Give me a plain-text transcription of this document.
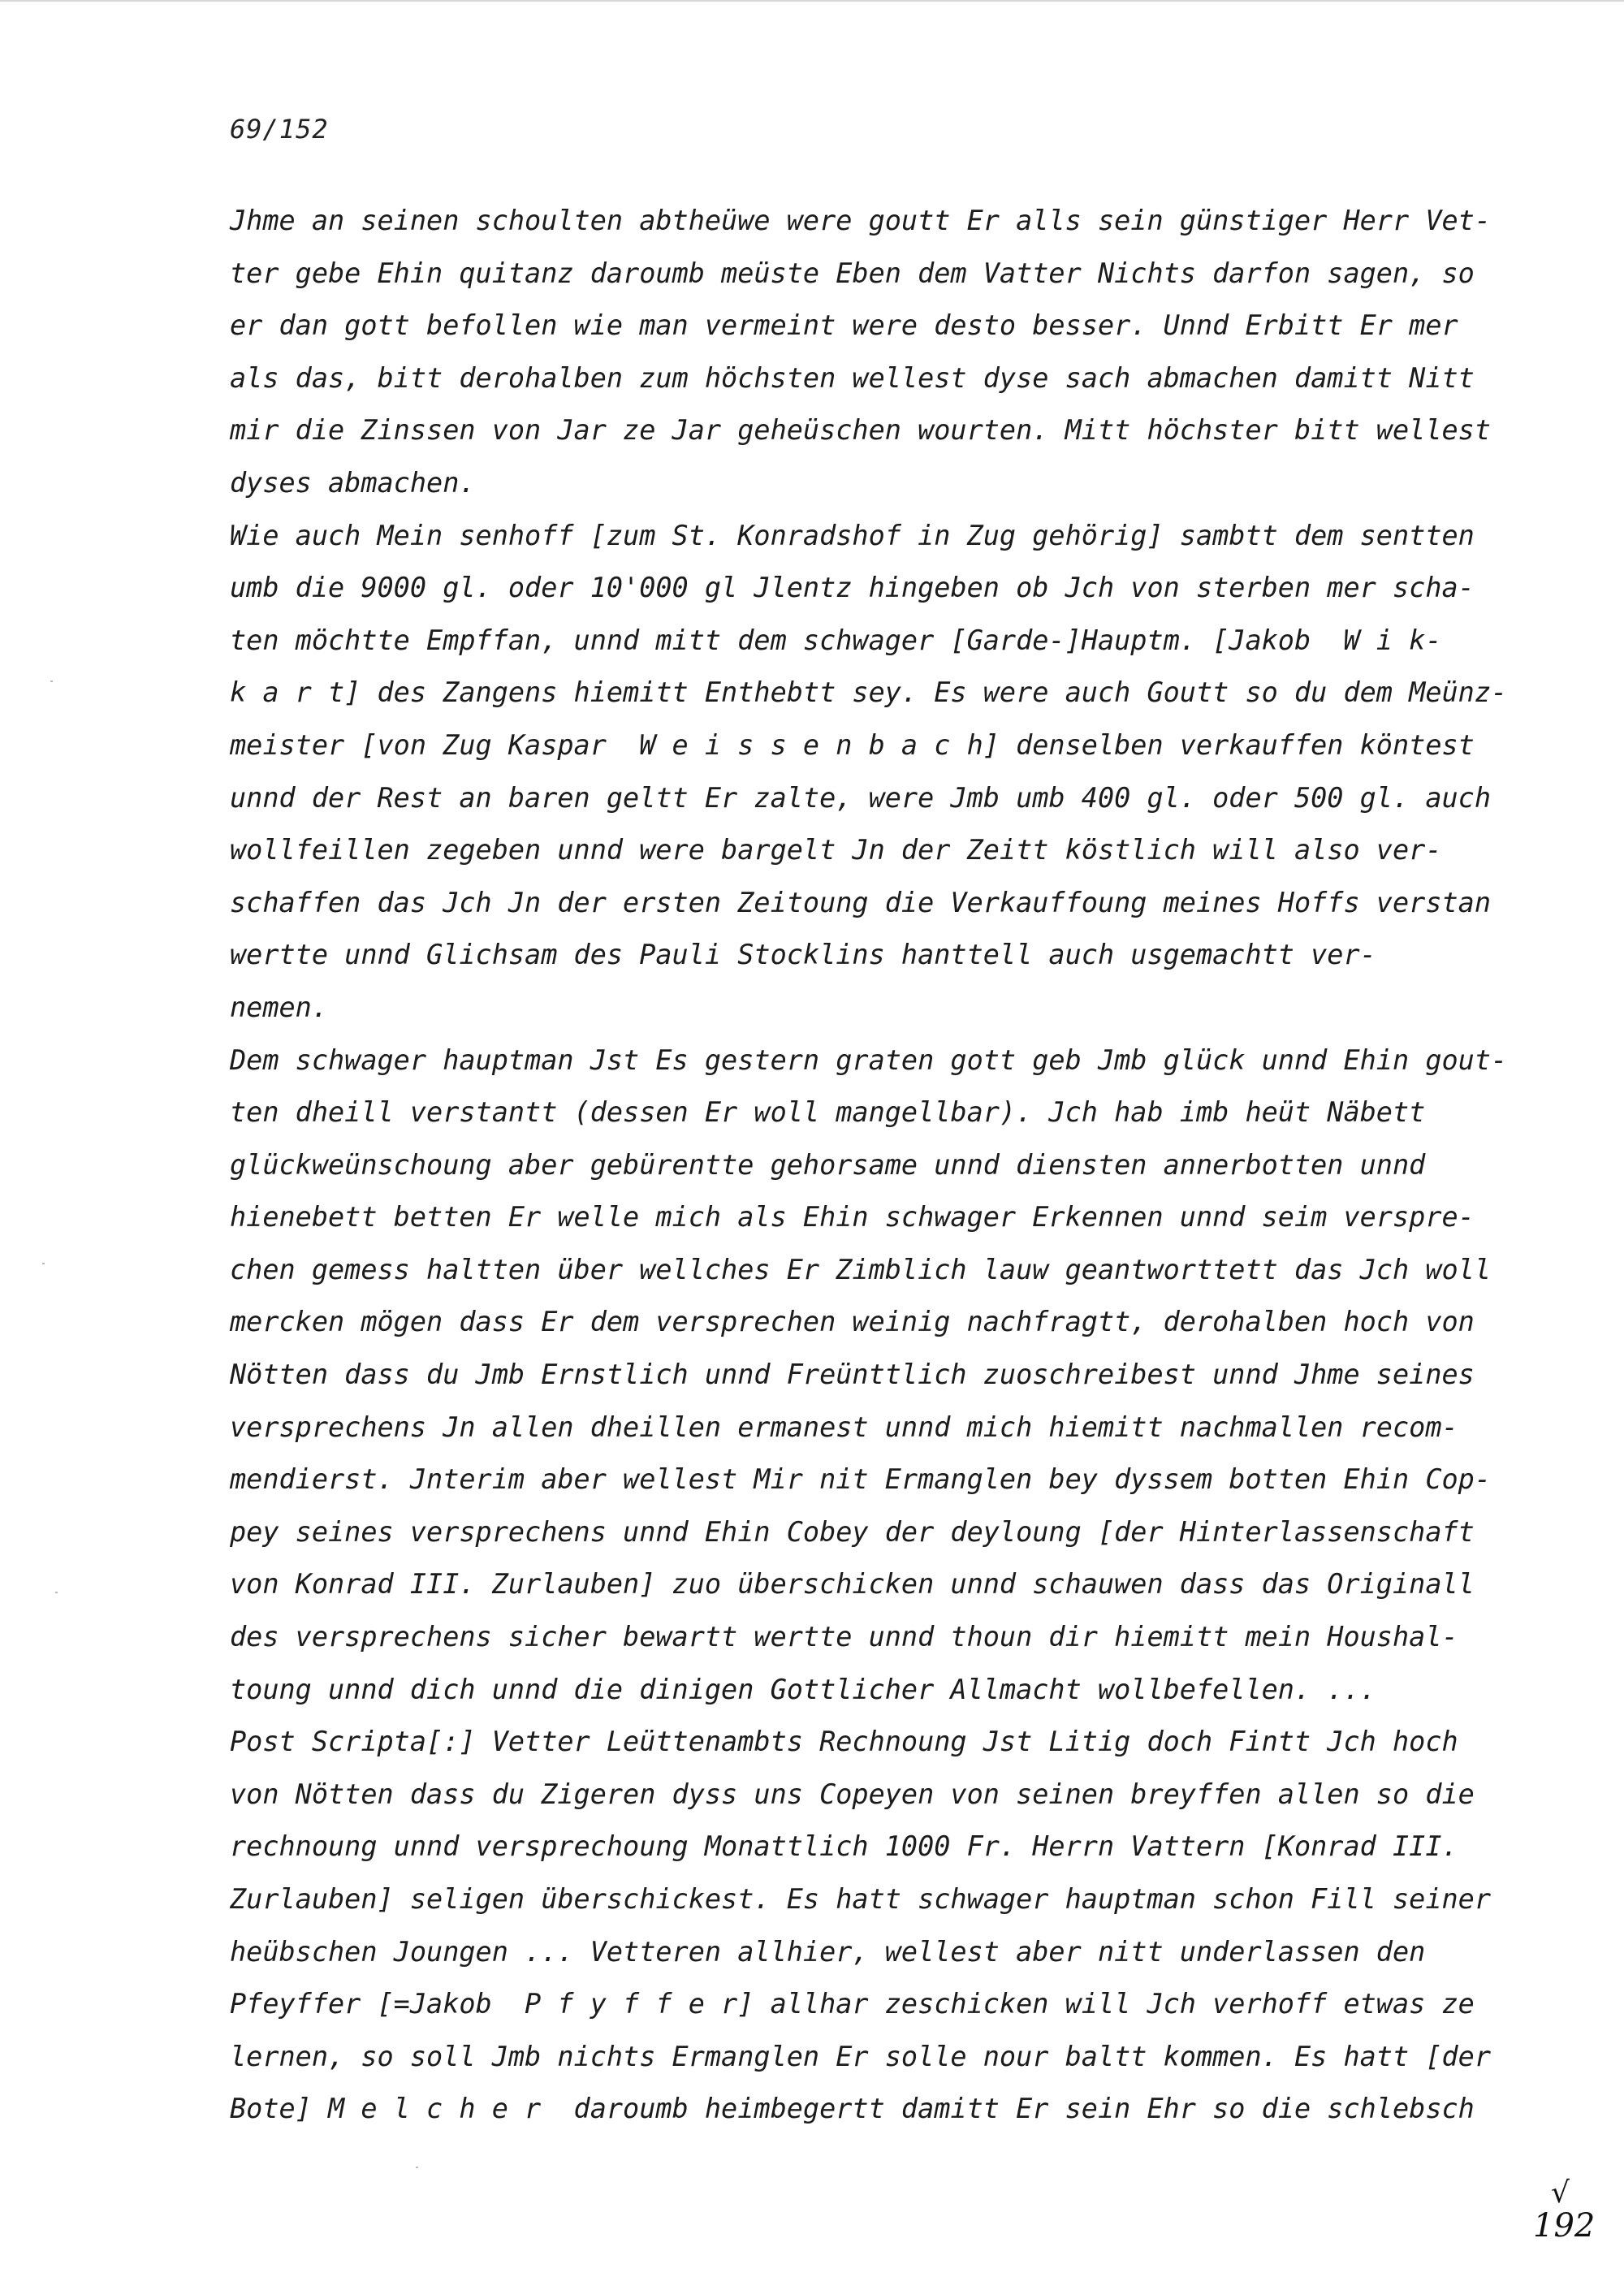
69/152
Jhme an seinen schoulten abtheüwe were goutt Er alls sein günstiger Herr Vet-
ter gebe Ehin quitanz daroumb meüste Eben dem Vatter Nichts darfon sagen, so
er dan gott befollen wie man vermeint were desto besser. Unnd Erbitt Er mer
als das, bitt derohalben zum höchsten wellest dyse sach abmachen damitt Nitt
mir die Zinssen von Jar ze Jar geheüschen wourten. Mitt höchster bitt wellest
dyses abmachen.
Wie auch Mein senhoff [zum St. Konradshof in Zug gehörig] sambtt dem sentten
umb die 9000 gl. oder 10'000 gl Jlentz hingeben ob Jch von sterben mer scha-
ten möchtte Empffan, unnd mitt dem schwager [Garde-]Hauptm. [Jakob  W i k-
k a r t] des Zangens hiemitt Enthebtt sey. Es were auch Goutt so du dem Meünz-
meister [von Zug Kaspar  W e i s s e n b a c h] denselben verkauffen köntest
unnd der Rest an baren geltt Er zalte, were Jmb umb 400 gl. oder 500 gl. auch
wollfeillen zegeben unnd were bargelt Jn der Zeitt köstlich will also ver-
schaffen das Jch Jn der ersten Zeitoung die Verkauffoung meines Hoffs verstan
wertte unnd Glichsam des Pauli Stocklins hanttell auch usgemachtt ver-
nemen.
Dem schwager hauptman Jst Es gestern graten gott geb Jmb glück unnd Ehin gout-
ten dheill verstantt (dessen Er woll mangellbar). Jch hab imb heüt Näbett
glückweünschoung aber gebürentte gehorsame unnd diensten annerbotten unnd
hienebett betten Er welle mich als Ehin schwager Erkennen unnd seim verspre-
chen gemess haltten über wellches Er Zimblich lauw geantworttett das Jch woll
mercken mögen dass Er dem versprechen weinig nachfragtt, derohalben hoch von
Nötten dass du Jmb Ernstlich unnd Freünttlich zuoschreibest unnd Jhme seines
versprechens Jn allen dheillen ermanest unnd mich hiemitt nachmallen recom-
mendierst. Jnterim aber wellest Mir nit Ermanglen bey dyssem botten Ehin Cop-
pey seines versprechens unnd Ehin Cobey der deyloung [der Hinterlassenschaft
von Konrad III. Zurlauben] zuo überschicken unnd schauwen dass das Originall
des versprechens sicher bewartt wertte unnd thoun dir hiemitt mein Houshal-
toung unnd dich unnd die dinigen Gottlicher Allmacht wollbefellen. ...
Post Scripta[:] Vetter Leüttenambts Rechnoung Jst Litig doch Fintt Jch hoch
von Nötten dass du Zigeren dyss uns Copeyen von seinen breyffen allen so die
rechnoung unnd versprechoung Monattlich 1000 Fr. Herrn Vattern [Konrad III.
Zurlauben] seligen überschickest. Es hatt schwager hauptman schon Fill seiner
heübschen Joungen ... Vetteren allhier, wellest aber nitt underlassen den
Pfeyffer [=Jakob  P f y f f e r] allhar zeschicken will Jch verhoff etwas ze
lernen, so soll Jmb nichts Ermanglen Er solle nour baltt kommen. Es hatt [der
Bote] M e l c h e r  daroumb heimbegertt damitt Er sein Ehr so die schlebsch
√
192
